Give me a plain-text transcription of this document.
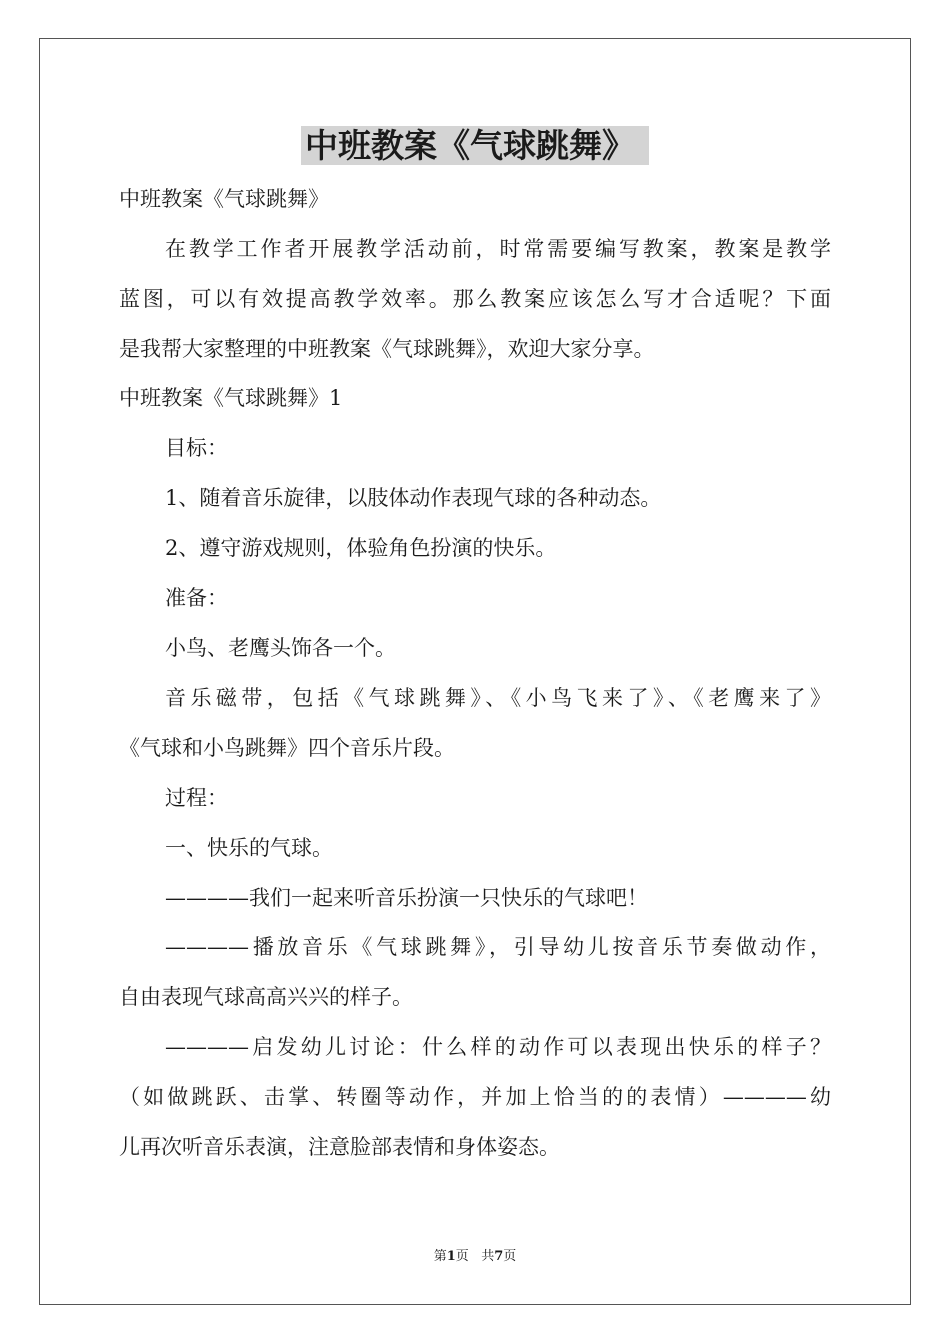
中班教案《气球跳舞》
中班教案《气球跳舞》
在教学工作者开展教学活动前，时常需要编写教案，教案是教学
蓝图，可以有效提高教学效率。那么教案应该怎么写才合适呢？下面
是我帮大家整理的中班教案《气球跳舞》，欢迎大家分享。
中班教案《气球跳舞》1
目标：
1、随着音乐旋律，以肢体动作表现气球的各种动态。
2、遵守游戏规则，体验角色扮演的快乐。
准备：
小鸟、老鹰头饰各一个。
音乐磁带，包括《气球跳舞》、《小鸟飞来了》、《老鹰来了》
《气球和小鸟跳舞》四个音乐片段。
过程：
一、快乐的气球。
————我们一起来听音乐扮演一只快乐的气球吧！
————播放音乐《气球跳舞》，引导幼儿按音乐节奏做动作，
自由表现气球高高兴兴的样子。
————启发幼儿讨论：什么样的动作可以表现出快乐的样子？
（如做跳跃、击掌、转圈等动作，并加上恰当的的表情）————幼
儿再次听音乐表演，注意脸部表情和身体姿态。
第1页 共7页
